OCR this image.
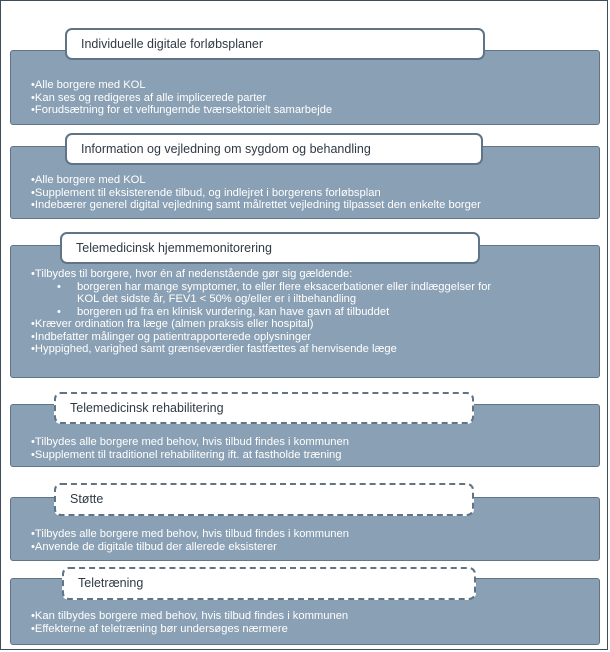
•Alle borgere med KOL
•Kan ses og redigeres af alle implicerede parter
•Forudsætning for et velfungernde tværsektorielt samarbejde
Individuelle digitale forløbsplaner
•Alle borgere med KOL
•Supplement til eksisterende tilbud, og indlejret i borgerens forløbsplan
•Indebærer generel digital vejledning samt målrettet vejledning tilpasset den enkelte borger
Information og vejledning om sygdom og behandling
•Tilbydes til borgere, hvor én af nedenstående gør sig gældende:
• borgeren har mange symptomer, to eller flere eksacerbationer eller indlæggelser for
KOL det sidste år, FEV1 < 50% og/eller er i iltbehandling
• borgeren ud fra en klinisk vurdering, kan have gavn af tilbuddet
•Kræver ordination fra læge (almen praksis eller hospital)
•Indbefatter målinger og patientrapporterede oplysninger
•Hyppighed, varighed samt grænseværdier fastfættes af henvisende læge
Telemedicinsk hjemmemonitorering
•Tilbydes alle borgere med behov, hvis tilbud findes i kommunen
•Supplement til traditionel rehabilitering ift. at fastholde træning
Telemedicinsk rehabilitering
•Tilbydes alle borgere med behov, hvis tilbud findes i kommunen
•Anvende de digitale tilbud der allerede eksisterer
Støtte
•Kan tilbydes borgere med behov, hvis tilbud findes i kommunen
•Effekterne af teletræning bør undersøges nærmere
Teletræning
